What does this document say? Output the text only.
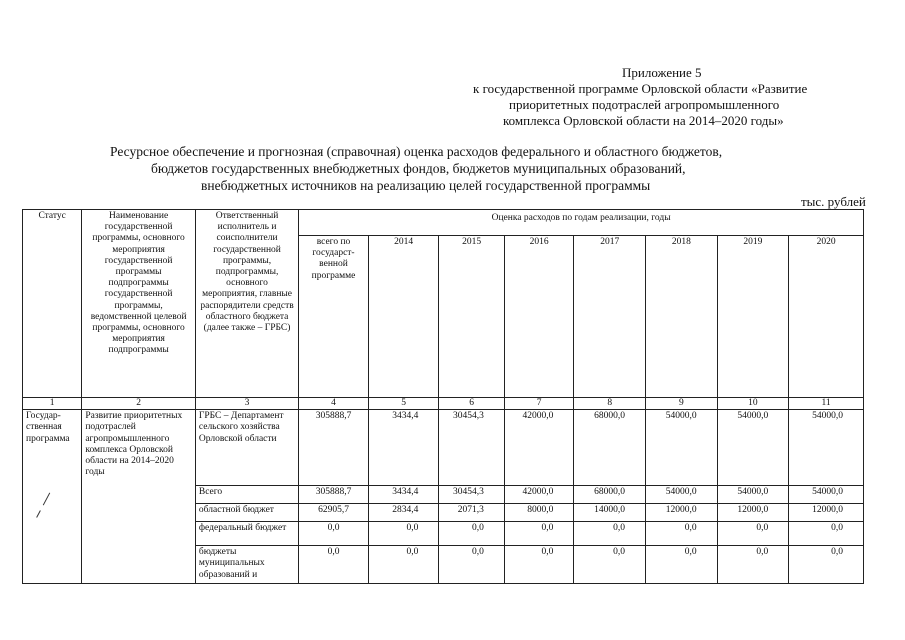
Приложение 5
к государственной программе Орловской области «Развитие
приоритетных подотраслей агропромышленного
комплекса Орловской области на 2014–2020 годы»
Ресурсное обеспечение и прогнозная (справочная) оценка расходов федерального и областного бюджетов,
бюджетов государственных внебюджетных фондов, бюджетов муниципальных образований,
внебюджетных источников на реализацию целей государственной программы
тыс. рублей
Статус	Наименование государственной программы, основного мероприятия государственной программы подпрограммы государственной программы, ведомственной целевой программы, основного мероприятия подпрограммы	Ответственный исполнитель и соисполнители государственной программы, подпрограммы, основного мероприятия, главные распорядители средств областного бюджета (далее также – ГРБС)	Оценка расходов по годам реализации, годы							
			всего по государст-венной программе	2014	2015	2016	2017	2018	2019	2020
1	2	3	4	5	6	7	8	9	10	11
Государ-ственная программа	Развитие приоритетных подотраслей агропромышленного комплекса Орловской области на 2014–2020 годы	ГРБС – Департамент сельского хозяйства Орловской области	305888,7	3434,4	30454,3	42000,0	68000,0	54000,0	54000,0	54000,0
		Всего	305888,7	3434,4	30454,3	42000,0	68000,0	54000,0	54000,0	54000,0
		областной бюджет	62905,7	2834,4	2071,3	8000,0	14000,0	12000,0	12000,0	12000,0
		федеральный бюджет	0,0	0,0	0,0	0,0	0,0	0,0	0,0	0,0
		бюджеты муниципальных образований и	0,0	0,0	0,0	0,0	0,0	0,0	0,0	0,0
